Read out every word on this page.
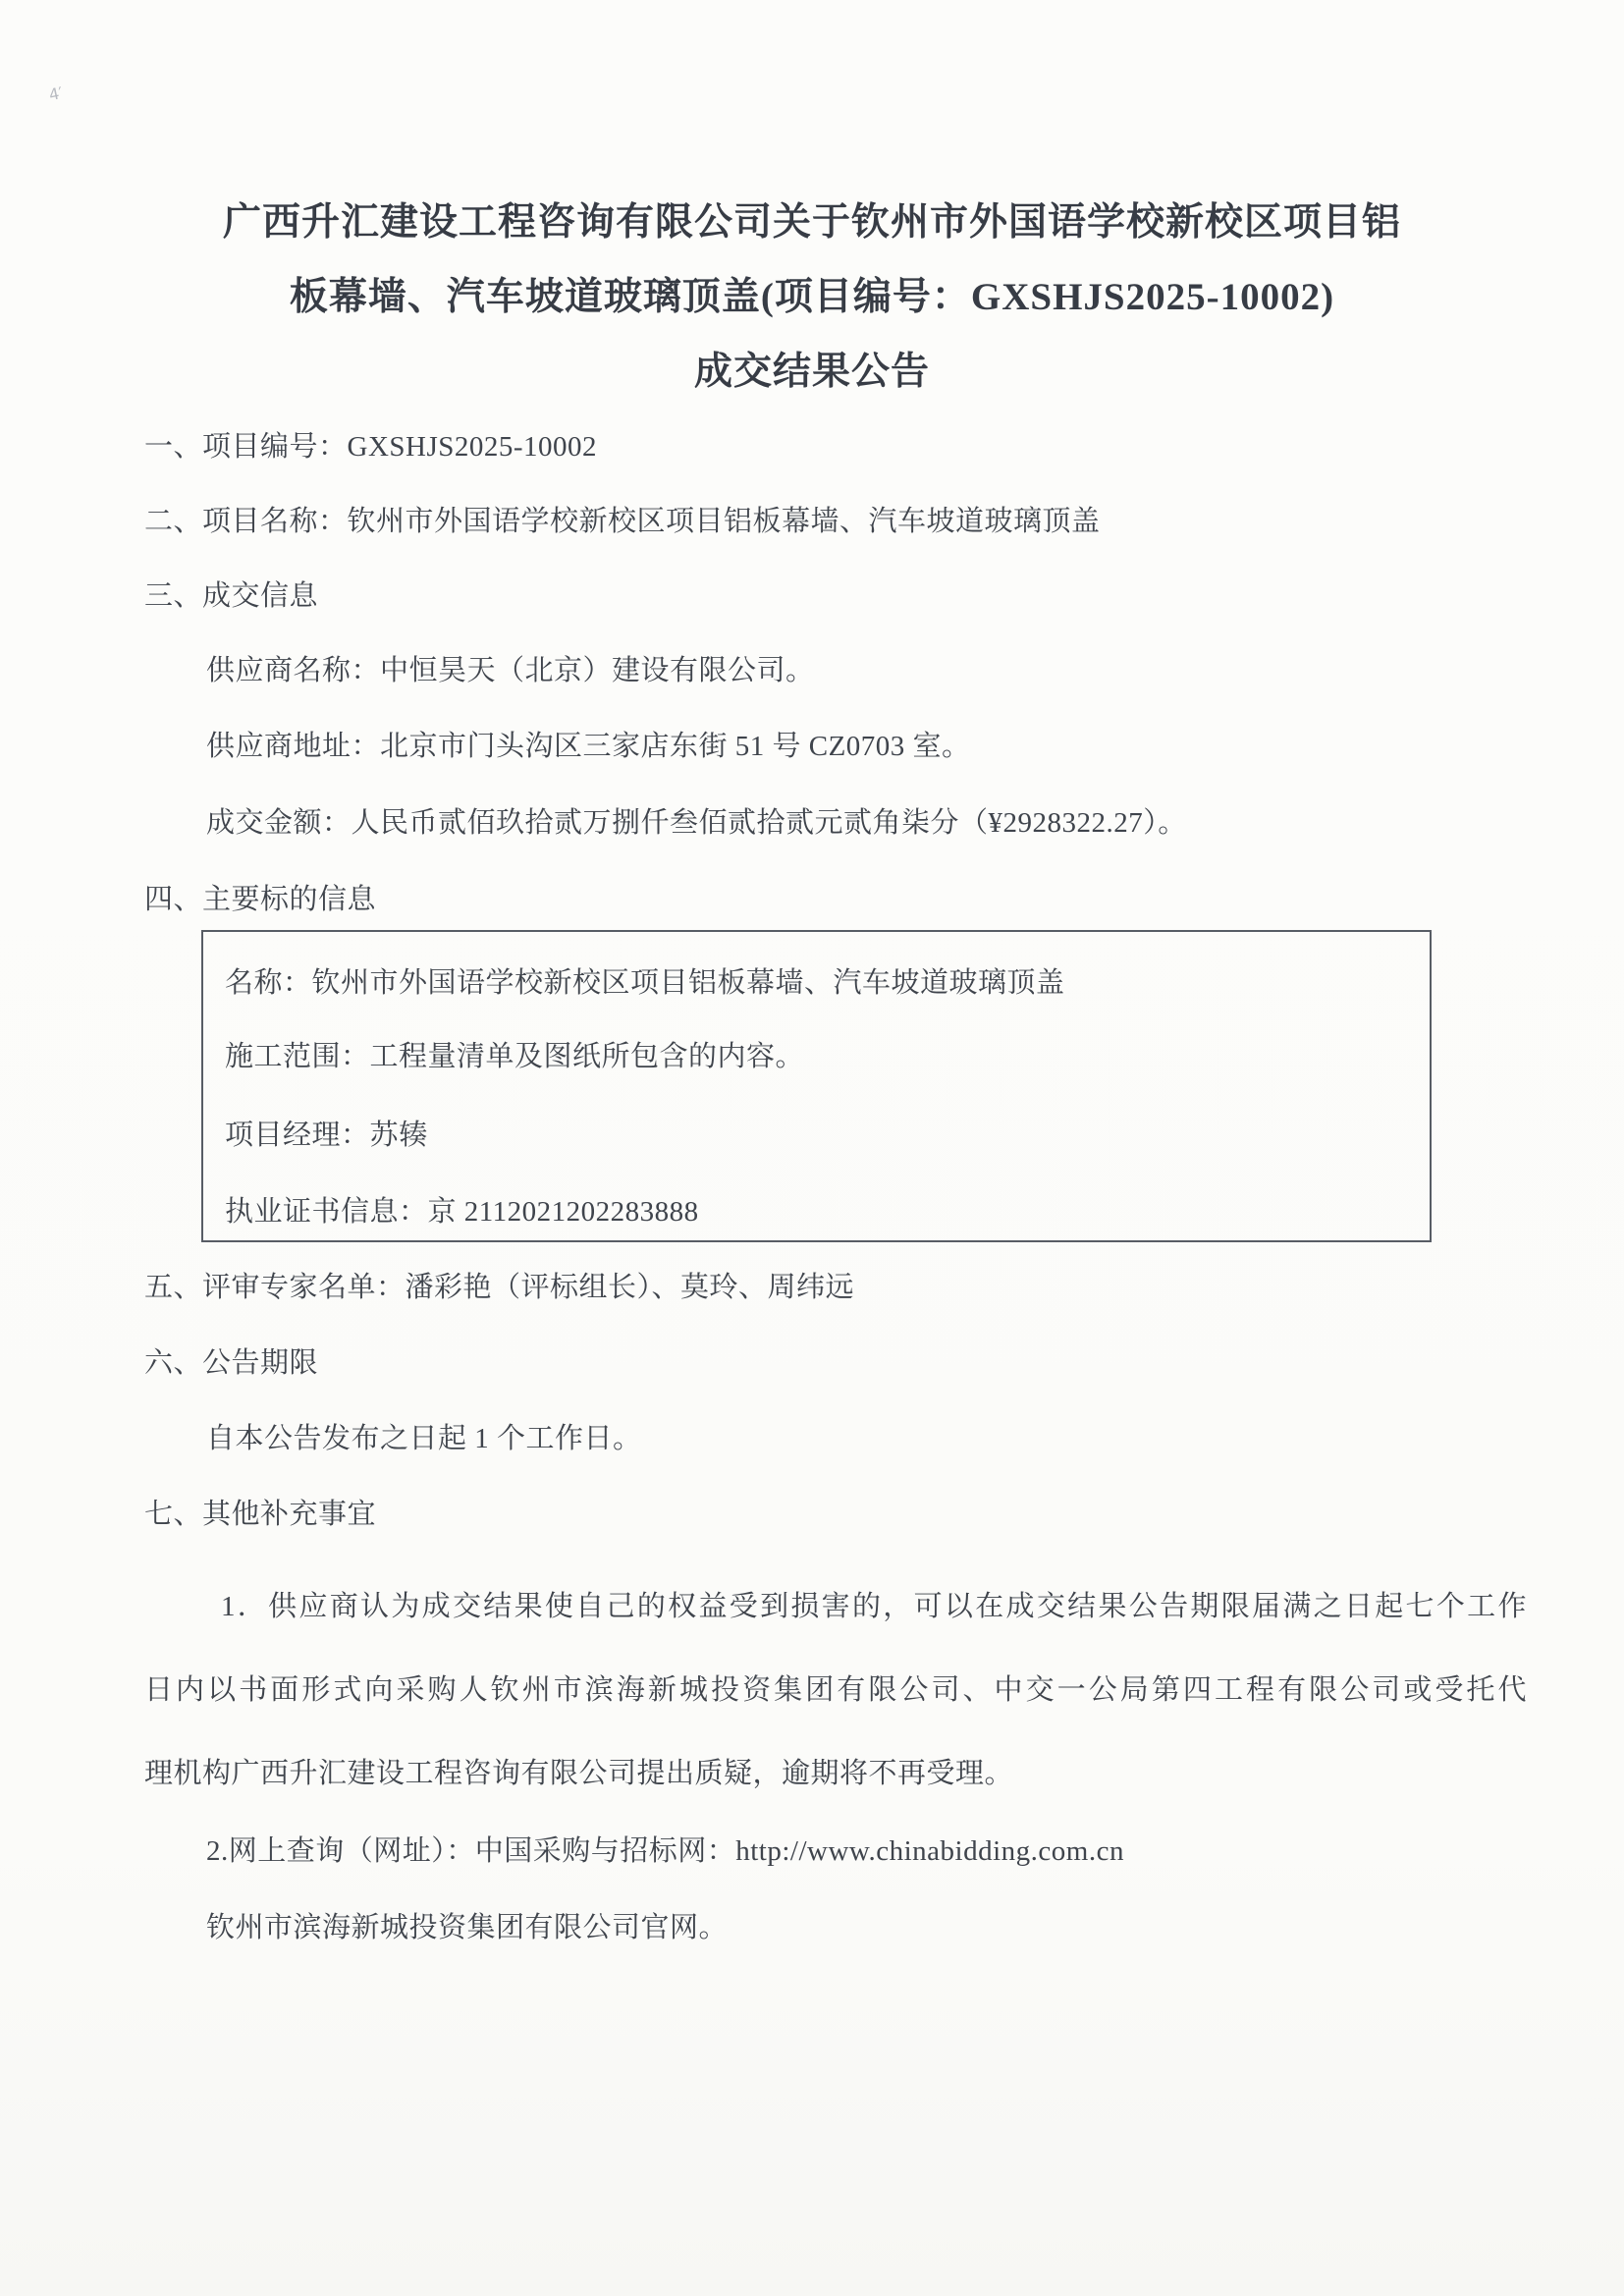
4′
广西升汇建设工程咨询有限公司关于钦州市外国语学校新校区项目铝
板幕墙、汽车坡道玻璃顶盖(项目编号：GXSHJS2025-10002)
成交结果公告
一、项目编号：GXSHJS2025-10002
二、项目名称：钦州市外国语学校新校区项目铝板幕墙、汽车坡道玻璃顶盖
三、成交信息
供应商名称：中恒昊天（北京）建设有限公司。
供应商地址：北京市门头沟区三家店东街 51 号 CZ0703 室。
成交金额：人民币贰佰玖拾贰万捌仟叁佰贰拾贰元贰角柒分（¥2928322.27）。
四、主要标的信息
名称：钦州市外国语学校新校区项目铝板幕墙、汽车坡道玻璃顶盖
施工范围：工程量清单及图纸所包含的内容。
项目经理：苏辏
执业证书信息：京 2112021202283888
五、评审专家名单：潘彩艳（评标组长）、莫玲、周纬远
六、公告期限
自本公告发布之日起 1 个工作日。
七、其他补充事宜
1．供应商认为成交结果使自己的权益受到损害的，可以在成交结果公告期限届满之日起七个工作
日内以书面形式向采购人钦州市滨海新城投资集团有限公司、中交一公局第四工程有限公司或受托代
理机构广西升汇建设工程咨询有限公司提出质疑，逾期将不再受理。
2.网上查询（网址）：中国采购与招标网：http://www.chinabidding.com.cn
钦州市滨海新城投资集团有限公司官网。
